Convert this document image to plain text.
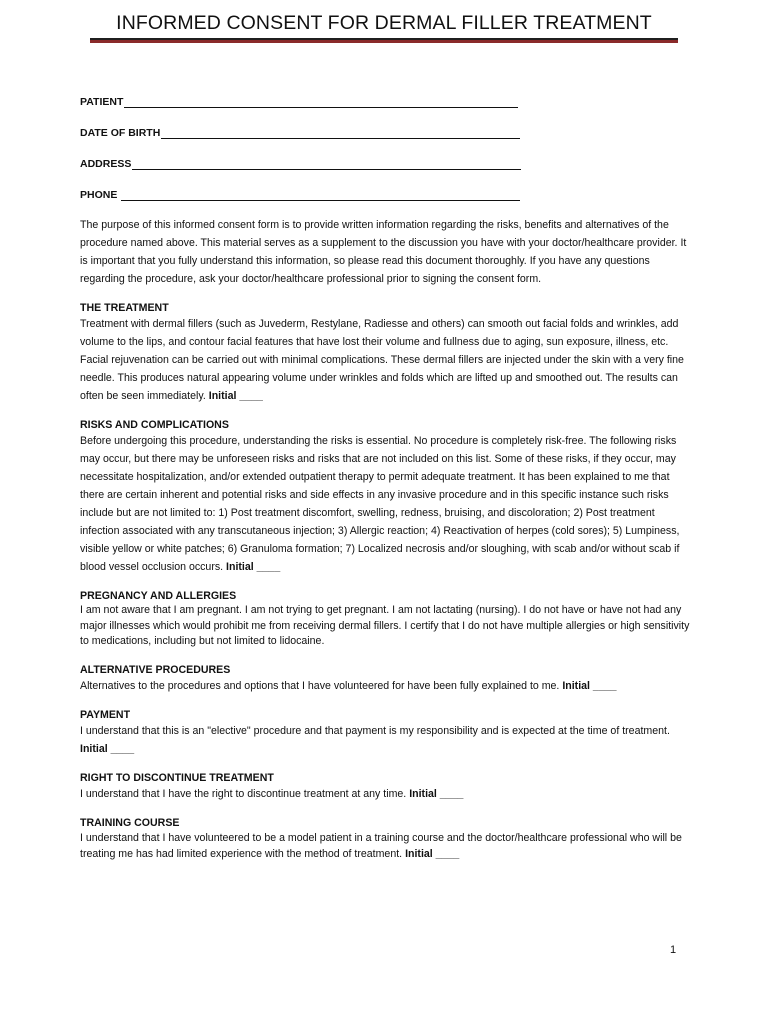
INFORMED CONSENT FOR DERMAL FILLER TREATMENT
PATIENT
DATE OF BIRTH
ADDRESS
PHONE

The purpose of this informed consent form is to provide written information regarding the risks, benefits and alternatives of the procedure named above. This material serves as a supplement to the discussion you have with your doctor/healthcare provider. It is important that you fully understand this information, so please read this document thoroughly. If you have any questions regarding the procedure, ask your doctor/healthcare professional prior to signing the consent form.

THE TREATMENT

Treatment with dermal fillers (such as Juvederm, Restylane, Radiesse and others) can smooth out facial folds and wrinkles, add volume to the lips, and contour facial features that have lost their volume and fullness due to aging, sun exposure, illness, etc. Facial rejuvenation can be carried out with minimal complications. These dermal fillers are injected under the skin with a very fine needle. This produces natural appearing volume under wrinkles and folds which are lifted up and smoothed out. The results can often be seen immediately. Initial ____

RISKS AND COMPLICATIONS

Before undergoing this procedure, understanding the risks is essential. No procedure is completely risk-free. The following risks may occur, but there may be unforeseen risks and risks that are not included on this list. Some of these risks, if they occur, may necessitate hospitalization, and/or extended outpatient therapy to permit adequate treatment. It has been explained to me that there are certain inherent and potential risks and side effects in any invasive procedure and in this specific instance such risks include but are not limited to: 1) Post treatment discomfort, swelling, redness, bruising, and discoloration; 2) Post treatment infection associated with any transcutaneous injection; 3) Allergic reaction; 4) Reactivation of herpes (cold sores); 5) Lumpiness, visible yellow or white patches; 6) Granuloma formation; 7) Localized necrosis and/or sloughing, with scab and/or without scab if blood vessel occlusion occurs. Initial ____

PREGNANCY AND ALLERGIES

I am not aware that I am pregnant. I am not trying to get pregnant. I am not lactating (nursing). I do not have or have not had any major illnesses which would prohibit me from receiving dermal fillers. I certify that I do not have multiple allergies or high sensitivity to medications, including but not limited to lidocaine.

ALTERNATIVE PROCEDURES

Alternatives to the procedures and options that I have volunteered for have been fully explained to me. Initial ____

PAYMENT

I understand that this is an "elective" procedure and that payment is my responsibility and is expected at the time of treatment. Initial ____

RIGHT TO DISCONTINUE TREATMENT

I understand that I have the right to discontinue treatment at any time. Initial ____

TRAINING COURSE

I understand that I have volunteered to be a model patient in a training course and the doctor/healthcare professional who will be treating me has had limited experience with the method of treatment. Initial ____

1
